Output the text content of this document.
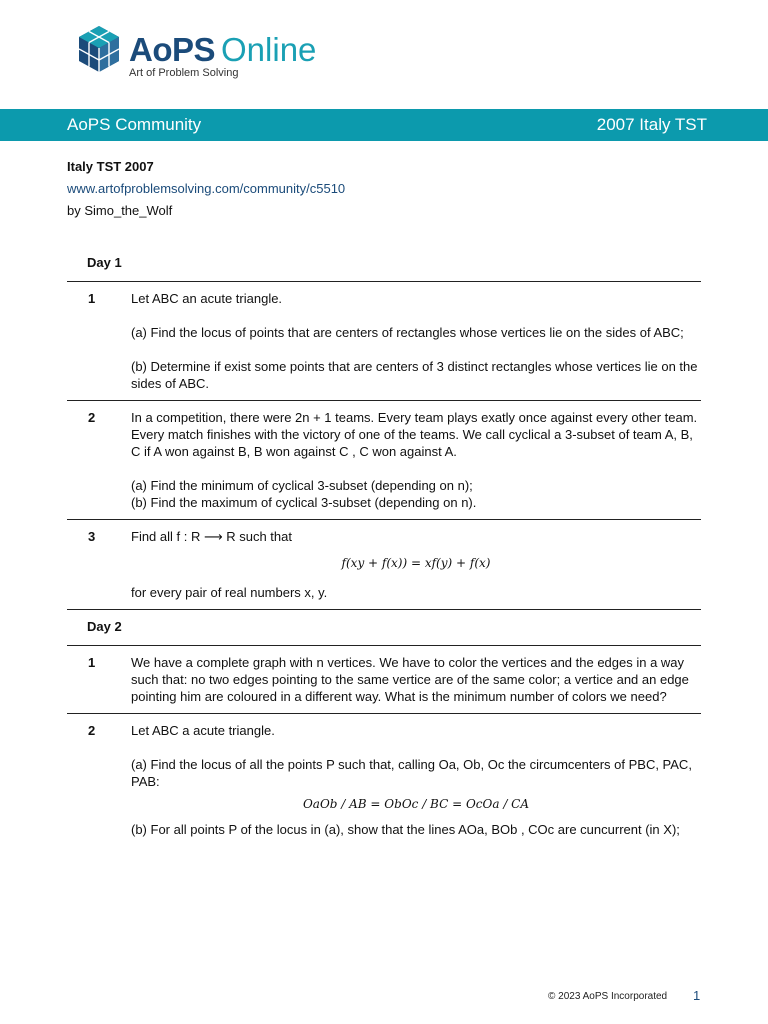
AoPS Online
Art of Problem Solving
AoPS Community	2007 Italy TST
Italy TST 2007
www.artofproblemsolving.com/community/c5510
by Simo_the_Wolf
Day 1
1	Let ABC an acute triangle.

(a) Find the locus of points that are centers of rectangles whose vertices lie on the sides of ABC;

(b) Determine if exist some points that are centers of 3 distinct rectangles whose vertices lie on the sides of ABC.

2	In a competition, there were 2n + 1 teams. Every team plays exatly once against every other team. Every match finishes with the victory of one of the teams. We call cyclical a 3-subset of team A, B, C if A won against B, B won against C , C won against A.

(a) Find the minimum of cyclical 3-subset (depending on n);

(b) Find the maximum of cyclical 3-subset (depending on n).

3	Find all f : R ⟶ R such that

f(xy + f(x)) = xf(y) + f(x)

for every pair of real numbers x, y.

Day 2
1	We have a complete graph with n vertices. We have to color the vertices and the edges in a way such that: no two edges pointing to the same vertice are of the same color; a vertice and an edge pointing him are coloured in a different way. What is the minimum number of colors we need?

2	Let ABC a acute triangle.

(a) Find the locus of all the points P such that, calling Oa, Ob, Oc the circumcenters of PBC, PAC, PAB:

OaOb / AB = ObOc / BC = OcOa / CA

(b) For all points P of the locus in (a), show that the lines AOa, BOb , COc are cuncurrent (in X);

© 2023 AoPS Incorporated 1
